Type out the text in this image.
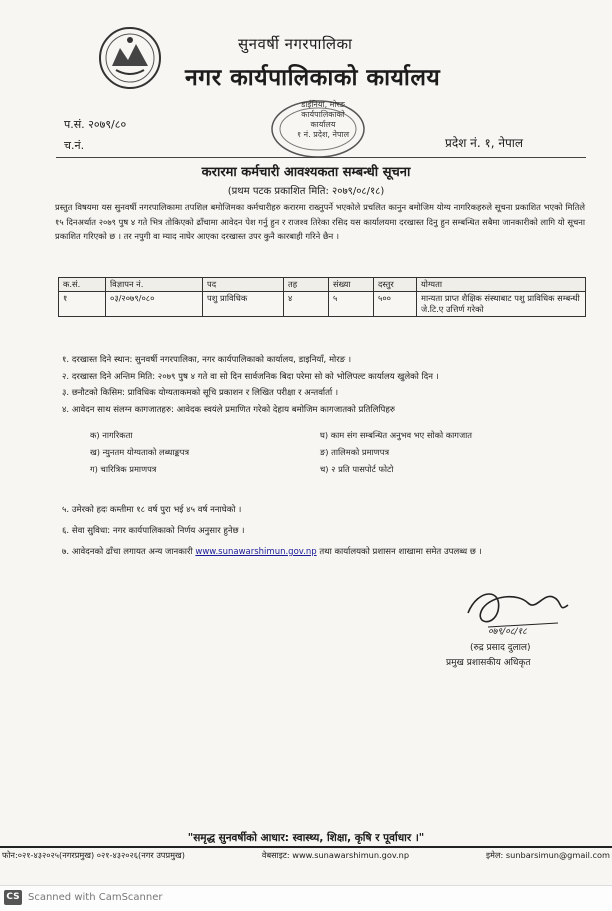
सुनवर्षी नगरपालिका
नगर कार्यपालिकाको कार्यालय
डाईनिया, मोरङ
कार्यपालिकाको
कार्यालय
१ नं. प्रदेश, नेपाल
प.सं. २०७९/८०
च.नं.	प्रदेश नं. १, नेपाल
करारमा कर्मचारी आवश्यकता सम्बन्धी सूचना
(प्रथम पटक प्रकाशित मिति: २०७९/०८/१८)
प्रस्तुत विषयमा यस सुनवर्षी नगरपालिकामा तपशिल बमोजिमका कर्मचारीहरु करारमा राख्नुपर्ने भएकोले प्रचलित कानुन बमोजिम योग्य नागरिकहरुले सूचना प्रकाशित भएको मितिले १५ दिनअर्थात २०७९ पुष ४ गते भित्र तोकिएको ढाँचामा आवेदन पेश गर्नु हुन र राजश्व तिरेका रसिद यस कार्यालयमा दरखास्त दिनु हुन सम्बन्धित सबैमा जानकारीको लागि यो सूचना प्रकाशित गरिएको छ । तर नपुगी वा म्याद नाघेर आएका दरखास्त उपर कुनै कारबाही गरिने छैन ।
क.सं.	विज्ञापन नं.	पद	तह	संख्या	दस्तुर	योग्यता
१	०३/२०७९/०८०	पशु प्राविधिक	४	५	५००	मान्यता प्राप्त शैक्षिक संस्थाबाट पशु प्राविधिक सम्बन्धी जे.टि.ए उत्तिर्ण गरेको
१. दरखास्त दिने स्थान: सुनवर्षी नगरपालिका, नगर कार्यपालिकाको कार्यालय, डाइनियाँ, मोरङ ।
२. दरखास्त दिने अन्तिम मिति: २०७९ पुष ४ गते वा सो दिन सार्वजनिक बिदा परेमा सो को भोलिपल्ट कार्यालय खुलेको दिन ।
३. छनौटको किसिम: प्राविधिक योग्यताकमको सूचि प्रकाशन र लिखित परीक्षा र अन्तर्वार्ता ।
४. आवेदन साथ संलग्न कागजातहरु: आवेदक स्वयंले प्रमाणित गरेको देहाय बमोजिम कागजातको प्रतिलिपिहरु
क) नागरिकता	घ) काम संग सम्बन्धित अनुभव भए सोको कागजात
ख) न्युनतम योग्यताको लब्धाङ्कपत्र	ङ) तालिमको प्रमाणपत्र
ग) चारित्रिक प्रमाणपत्र	च) २ प्रति पासपोर्ट फोटो
५. उमेरको हदः कम्तीमा १८ वर्ष पुरा भई ४५ वर्ष ननाघेको ।
६. सेवा सुविधा: नगर कार्यपालिकाको निर्णय अनुसार हुनेछ ।
७. आवेदनको ढाँचा लगायत अन्य जानकारी www.sunawarshimun.gov.np तथा कार्यालयको प्रशासन शाखामा समेत उपलब्ध छ ।
०७९/०८/१८
(रुद्र प्रसाद दुलाल)
प्रमुख प्रशासकीय अधिकृत
"समृद्ध सुनवर्षीको आधार: स्वास्थ्य, शिक्षा, कृषि र पूर्वाधार ।"
फोन:०२१-४३२०२५(नगरप्रमुख) ०२१-४३२०२६(नगर उपप्रमुख)	वेबसाइट: www.sunawarshimun.gov.np	इमेल: sunbarsimun@gmail.com
CS Scanned with CamScanner
